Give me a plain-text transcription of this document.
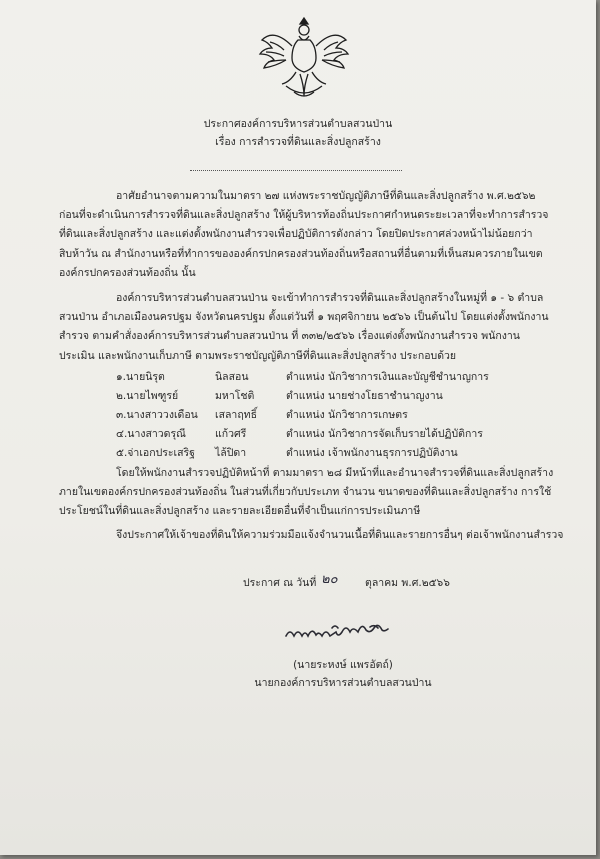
ประกาศองค์การบริหารส่วนตำบลสวนป่าน
เรื่อง การสำรวจที่ดินและสิ่งปลูกสร้าง
อาศัยอำนาจตามความในมาตรา ๒๗ แห่งพระราชบัญญัติภาษีที่ดินและสิ่งปลูกสร้าง พ.ศ.๒๕๖๒
ก่อนที่จะดำเนินการสำรวจที่ดินและสิ่งปลูกสร้าง ให้ผู้บริหารท้องถิ่นประกาศกำหนดระยะเวลาที่จะทำการสำรวจ
ที่ดินและสิ่งปลูกสร้าง และแต่งตั้งพนักงานสำรวจเพื่อปฏิบัติการดังกล่าว โดยปิดประกาศล่วงหน้าไม่น้อยกว่า
สิบห้าวัน ณ สำนักงานหรือที่ทำการขององค์กรปกครองส่วนท้องถิ่นหรือสถานที่อื่นตามที่เห็นสมควรภายในเขต
องค์กรปกครองส่วนท้องถิ่น นั้น
องค์การบริหารส่วนตำบลสวนป่าน จะเข้าทำการสำรวจที่ดินและสิ่งปลูกสร้างในหมู่ที่ ๑ - ๖ ตำบล
สวนป่าน อำเภอเมืองนครปฐม จังหวัดนครปฐม ตั้งแต่วันที่ ๑ พฤศจิกายน ๒๕๖๖ เป็นต้นไป โดยแต่งตั้งพนักงาน
สำรวจ ตามคำสั่งองค์การบริหารส่วนตำบลสวนป่าน ที่ ๓๓๒/๒๕๖๖ เรื่องแต่งตั้งพนักงานสำรวจ พนักงาน
ประเมิน และพนักงานเก็บภาษี ตามพระราชบัญญัติภาษีที่ดินและสิ่งปลูกสร้าง ประกอบด้วย
๑.นายนิรุต	นิลสอน	ตำแหน่ง นักวิชาการเงินและบัญชีชำนาญการ
๒.นายไพฑูรย์	มหาโชติ	ตำแหน่ง นายช่างโยธาชำนาญงาน
๓.นางสาววงเดือน เสลาฤทธิ์	ตำแหน่ง นักวิชาการเกษตร
๔.นางสาวดรุณี	แก้วศรี	ตำแหน่ง นักวิชาการจัดเก็บรายได้ปฏิบัติการ
๕.จ่าเอกประเสริฐ ไล้ปิดา	ตำแหน่ง เจ้าพนักงานธุรการปฏิบัติงาน
โดยให้พนักงานสำรวจปฏิบัติหน้าที่ ตามมาตรา ๒๘ มีหน้าที่และอำนาจสำรวจที่ดินและสิ่งปลูกสร้าง
ภายในเขตองค์กรปกครองส่วนท้องถิ่น ในส่วนที่เกี่ยวกับประเภท จำนวน ขนาดของที่ดินและสิ่งปลูกสร้าง การใช้
ประโยชน์ในที่ดินและสิ่งปลูกสร้าง และรายละเอียดอื่นที่จำเป็นแก่การประเมินภาษี
จึงประกาศให้เจ้าของที่ดินให้ความร่วมมือแจ้งจำนวนเนื้อที่ดินและรายการอื่นๆ ต่อเจ้าพนักงานสำรวจ
ประกาศ ณ วันที่ ๒๐	ตุลาคม พ.ศ.๒๕๖๖
(นายระหงษ์ แพรอัตถ์)
นายกองค์การบริหารส่วนตำบลสวนป่าน
